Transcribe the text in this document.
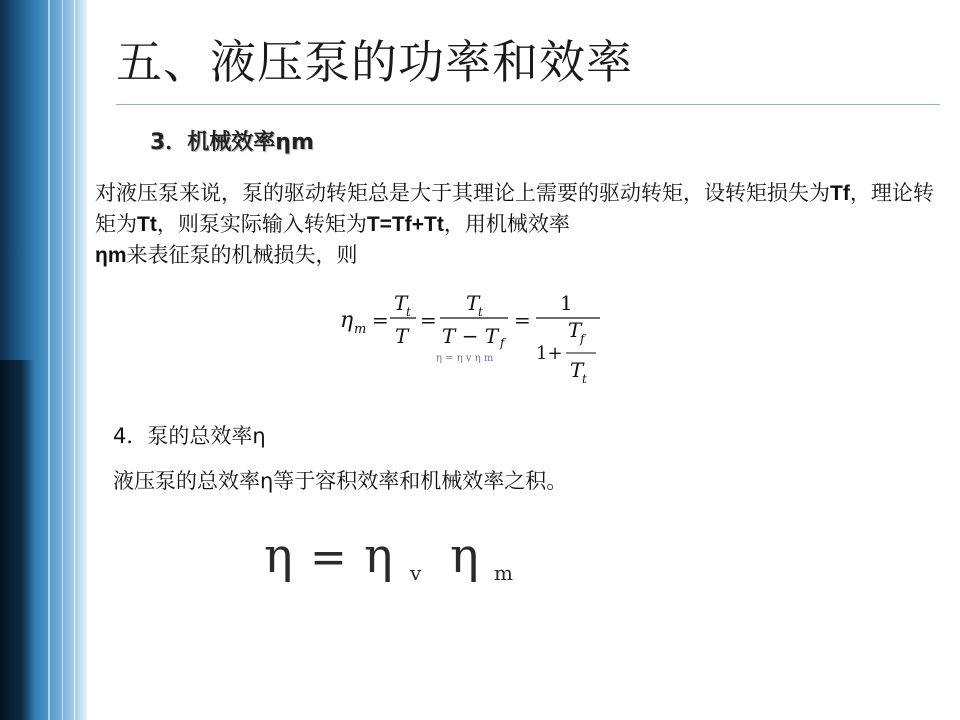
五、液压泵的功率和效率
3．机械效率ηm
对液压泵来说，泵的驱动转矩总是大于其理论上需要的驱动转矩，设转矩损失为Tf，理论转矩为Tt，则泵实际输入转矩为T=Tf+Tt，用机械效率
ηm来表征泵的机械损失，则
η m =
T
t
T
=
T
t
T − T f
=
1
1+
T
f
T
t
η = η v η m
4．泵的总效率η
液压泵的总效率η等于容积效率和机械效率之积。
η = η v η m
